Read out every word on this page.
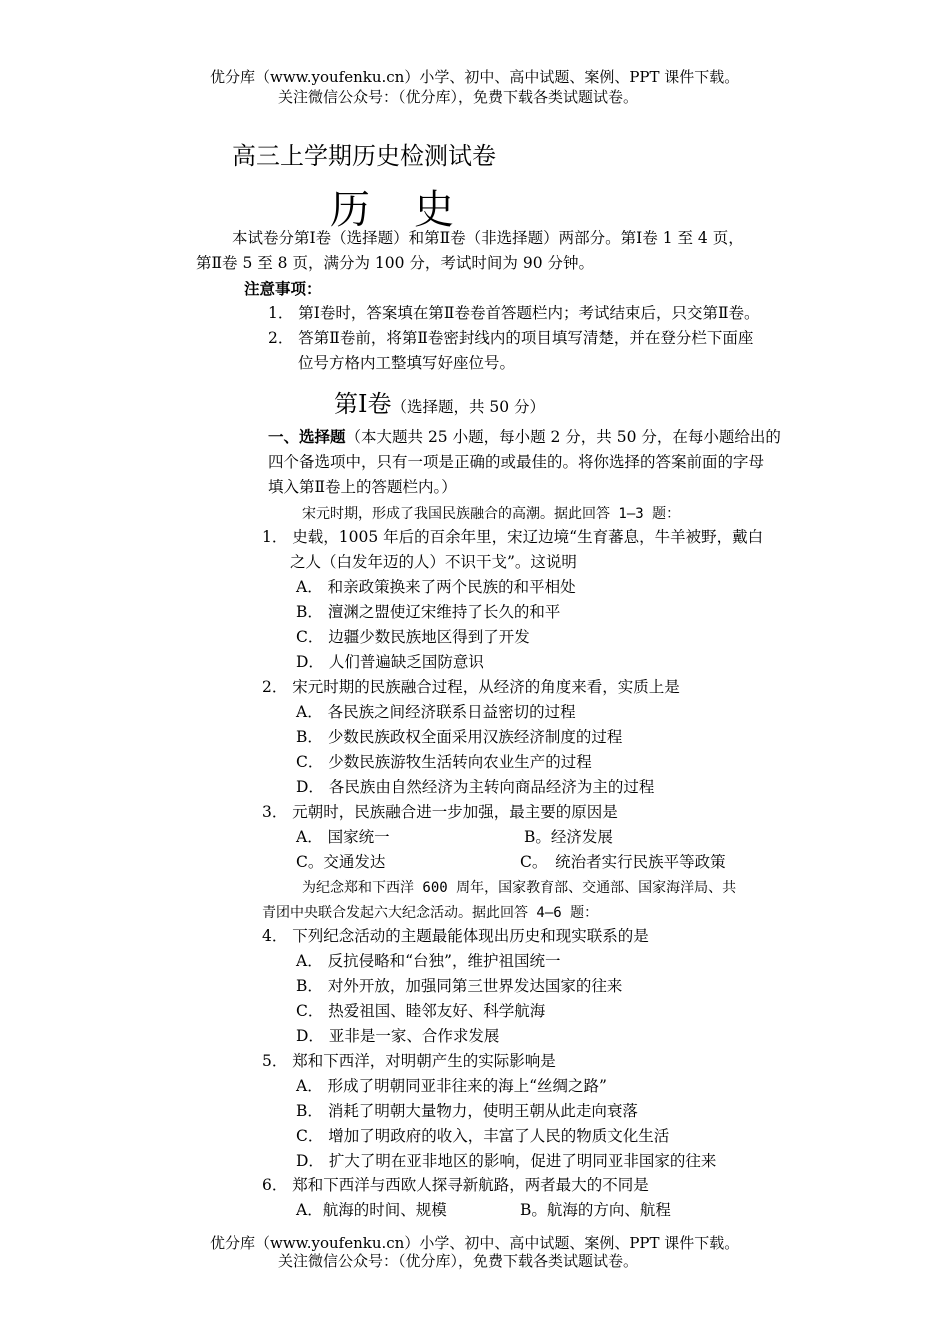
优分库（www.youfenku.cn）小学、初中、高中试题、案例、PPT 课件下载。
关注微信公众号：（优分库），免费下载各类试题试卷。
高三上学期历史检测试卷
历史
本试卷分第Ⅰ卷（选择题）和第Ⅱ卷（非选择题）两部分。第Ⅰ卷 1 至 4 页，
第Ⅱ卷 5 至 8 页，满分为 100 分，考试时间为 90 分钟。
注意事项：
1． 第Ⅰ卷时，答案填在第Ⅱ卷卷首答题栏内；考试结束后，只交第Ⅱ卷。
2． 答第Ⅱ卷前，将第Ⅱ卷密封线内的项目填写清楚，并在登分栏下面座
位号方格内工整填写好座位号。
第Ⅰ卷（选择题，共 50 分）
一、选择题（本大题共 25 小题，每小题 2 分，共 50 分，在每小题给出的
四个备选项中，只有一项是正确的或最佳的。将你选择的答案前面的字母
填入第Ⅱ卷上的答题栏内。）
宋元时期，形成了我国民族融合的高潮。据此回答 1—3 题：
1． 史载，1005 年后的百余年里，宋辽边境“生育蕃息，牛羊被野，戴白
之人（白发年迈的人）不识干戈”。这说明
A． 和亲政策换来了两个民族的和平相处
B． 澶渊之盟使辽宋维持了长久的和平
C． 边疆少数民族地区得到了开发
D． 人们普遍缺乏国防意识
2． 宋元时期的民族融合过程，从经济的角度来看，实质上是
A． 各民族之间经济联系日益密切的过程
B． 少数民族政权全面采用汉族经济制度的过程
C． 少数民族游牧生活转向农业生产的过程
D． 各民族由自然经济为主转向商品经济为主的过程
3． 元朝时，民族融合进一步加强，最主要的原因是
A． 国家统一	B。经济发展
C。交通发达	C。　统治者实行民族平等政策
为纪念郑和下西洋 600 周年，国家教育部、交通部、国家海洋局、共
青团中央联合发起六大纪念活动。据此回答 4—6 题：
4． 下列纪念活动的主题最能体现出历史和现实联系的是
A． 反抗侵略和“台独”，维护祖国统一
B． 对外开放，加强同第三世界发达国家的往来
C． 热爱祖国、睦邻友好、科学航海
D． 亚非是一家、合作求发展
5． 郑和下西洋，对明朝产生的实际影响是
A． 形成了明朝同亚非往来的海上“丝绸之路”
B． 消耗了明朝大量物力，使明王朝从此走向衰落
C． 增加了明政府的收入，丰富了人民的物质文化生活
D． 扩大了明在亚非地区的影响，促进了明同亚非国家的往来
6． 郑和下西洋与西欧人探寻新航路，两者最大的不同是
A．航海的时间、规模	B。航海的方向、航程
优分库（www.youfenku.cn）小学、初中、高中试题、案例、PPT 课件下载。
关注微信公众号：（优分库），免费下载各类试题试卷。
